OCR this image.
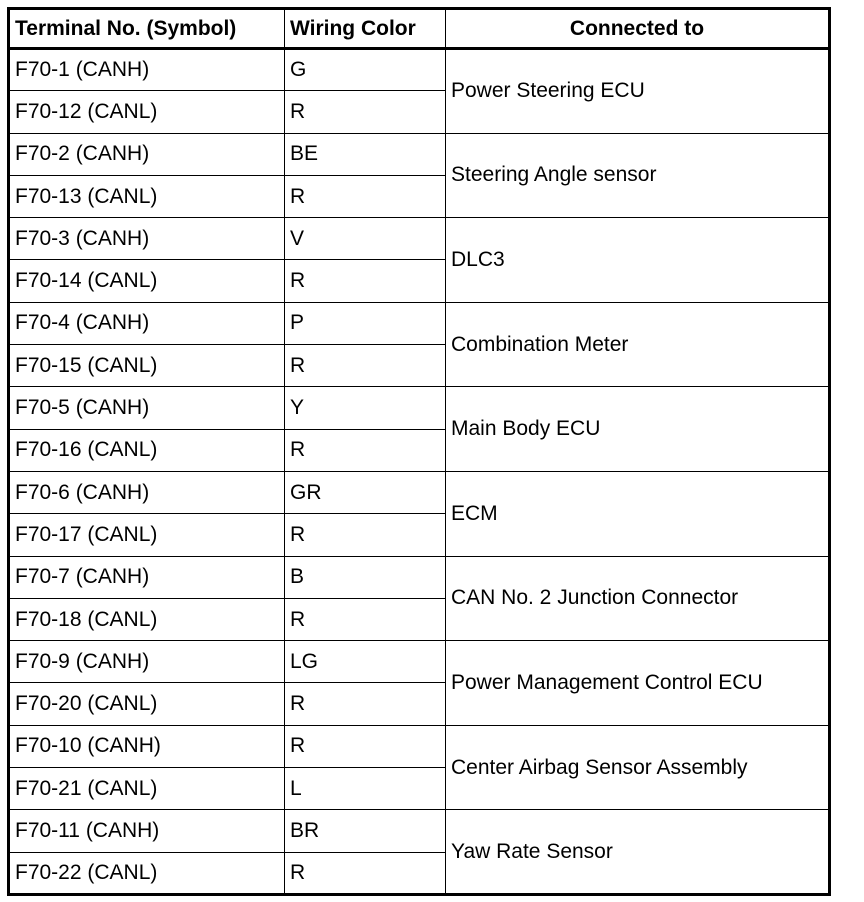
Terminal No. (Symbol)	Wiring Color	Connected to
F70-1 (CANH)	G	Power Steering ECU
F70-12 (CANL)	R	
F70-2 (CANH)	BE	Steering Angle sensor
F70-13 (CANL)	R	
F70-3 (CANH)	V	DLC3
F70-14 (CANL)	R	
F70-4 (CANH)	P	Combination Meter
F70-15 (CANL)	R	
F70-5 (CANH)	Y	Main Body ECU
F70-16 (CANL)	R	
F70-6 (CANH)	GR	ECM
F70-17 (CANL)	R	
F70-7 (CANH)	B	CAN No. 2 Junction Connector
F70-18 (CANL)	R	
F70-9 (CANH)	LG	Power Management Control ECU
F70-20 (CANL)	R	
F70-10 (CANH)	R	Center Airbag Sensor Assembly
F70-21 (CANL)	L	
F70-11 (CANH)	BR	Yaw Rate Sensor
F70-22 (CANL)	R	
